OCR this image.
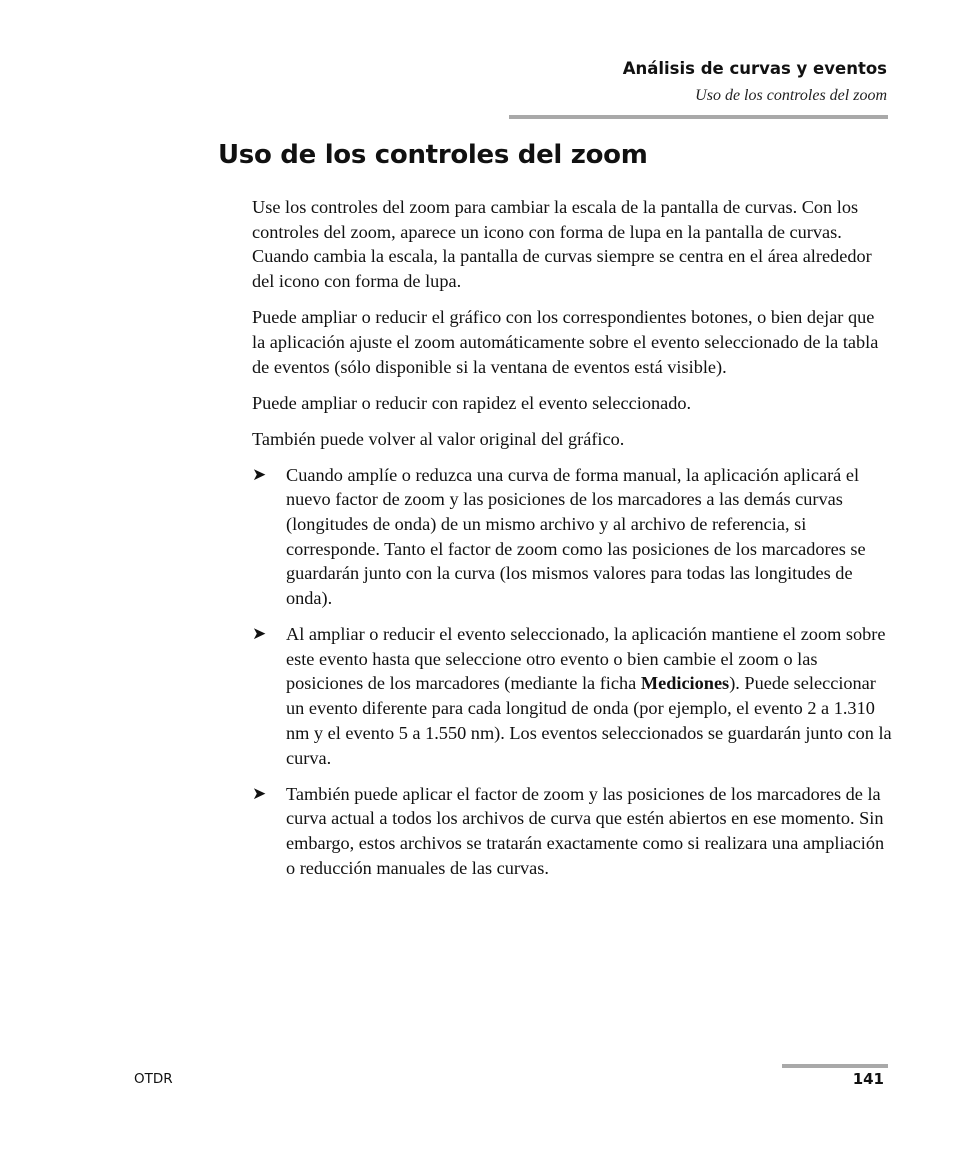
Análisis de curvas y eventos
Uso de los controles del zoom
Uso de los controles del zoom

Use los controles del zoom para cambiar la escala de la pantalla de curvas. Con los controles del zoom, aparece un icono con forma de lupa en la pantalla de curvas. Cuando cambia la escala, la pantalla de curvas siempre se centra en el área alrededor del icono con forma de lupa.

Puede ampliar o reducir el gráfico con los correspondientes botones, o bien dejar que la aplicación ajuste el zoom automáticamente sobre el evento seleccionado de la tabla de eventos (sólo disponible si la ventana de eventos está visible).

Puede ampliar o reducir con rapidez el evento seleccionado.

También puede volver al valor original del gráfico.

➤ Cuando amplíe o reduzca una curva de forma manual, la aplicación aplicará el nuevo factor de zoom y las posiciones de los marcadores a las demás curvas (longitudes de onda) de un mismo archivo y al archivo de referencia, si corresponde. Tanto el factor de zoom como las posiciones de los marcadores se guardarán junto con la curva (los mismos valores para todas las longitudes de onda).
➤ Al ampliar o reducir el evento seleccionado, la aplicación mantiene el zoom sobre este evento hasta que seleccione otro evento o bien cambie el zoom o las posiciones de los marcadores (mediante la ficha Mediciones). Puede seleccionar un evento diferente para cada longitud de onda (por ejemplo, el evento 2 a 1.310 nm y el evento 5 a 1.550 nm). Los eventos seleccionados se guardarán junto con la curva.
➤ También puede aplicar el factor de zoom y las posiciones de los marcadores de la curva actual a todos los archivos de curva que estén abiertos en ese momento. Sin embargo, estos archivos se tratarán exactamente como si realizara una ampliación o reducción manuales de las curvas.
OTDR	141
